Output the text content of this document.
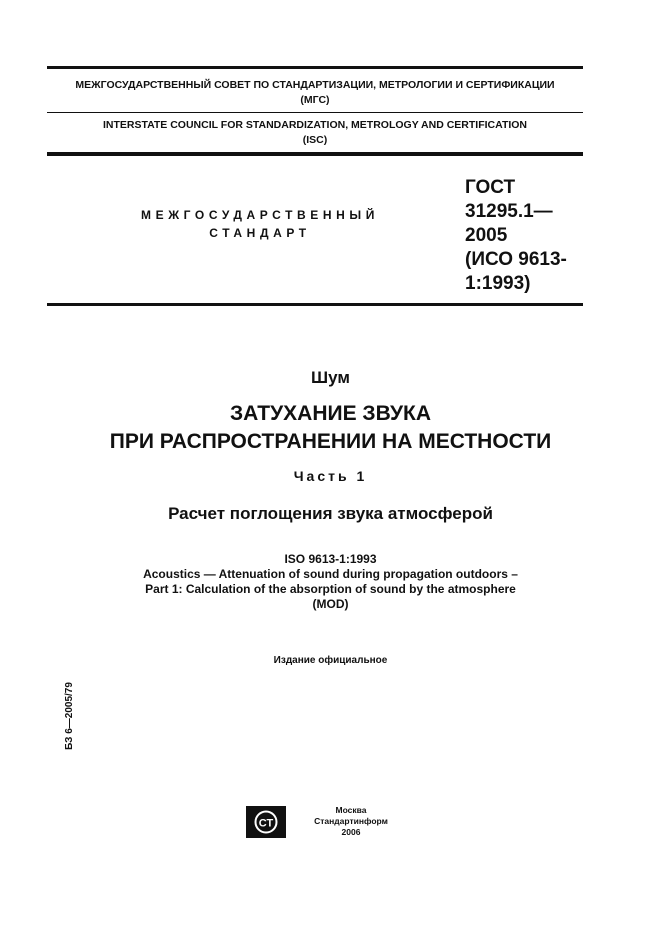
МЕЖГОСУДАРСТВЕННЫЙ СОВЕТ ПО СТАНДАРТИЗАЦИИ, МЕТРОЛОГИИ И СЕРТИФИКАЦИИ
(МГС)
INTERSTATE COUNCIL FOR STANDARDIZATION, METROLOGY AND CERTIFICATION
(ISC)
МЕЖГОСУДАРСТВЕННЫЙ
СТАНДАРТ
ГОСТ
31295.1—
2005
(ИСО 9613-
1:1993)
Шум
ЗАТУХАНИЕ ЗВУКА
ПРИ РАСПРОСТРАНЕНИИ НА МЕСТНОСТИ
Часть 1
Расчет поглощения звука атмосферой
ISO 9613-1:1993
Acoustics — Attenuation of sound during propagation outdoors –
Part 1: Calculation of the absorption of sound by the atmosphere
(MOD)
Издание официальное
БЗ 6—2005/79
СТ
Москва
Стандартинформ
2006
